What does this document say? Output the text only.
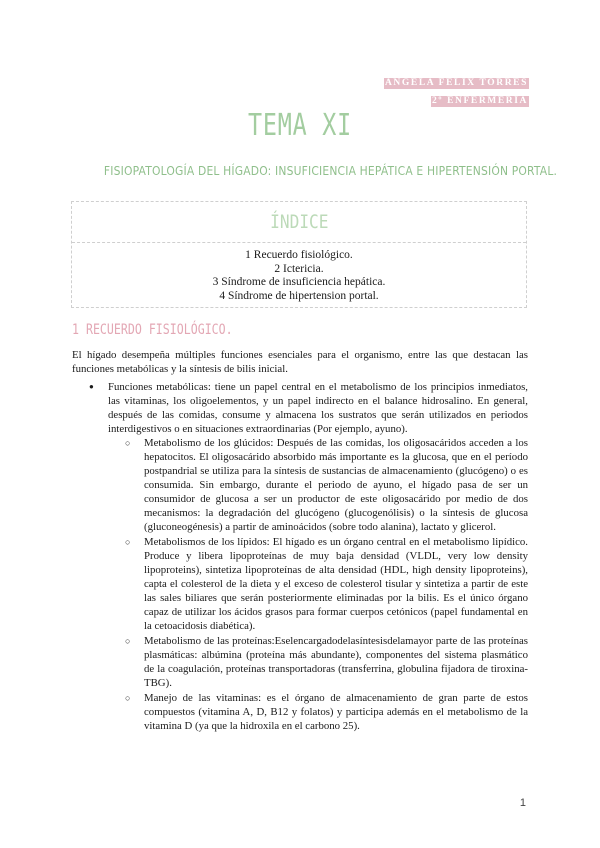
ANGELA FELIX TORRES
2º ENFERMERÍA
TEMA XI
FISIOPATOLOGÍA DEL HÍGADO: INSUFICIENCIA HEPÁTICA E HIPERTENSIÓN PORTAL.
ÍNDICE
1 Recuerdo fisiológico.
2 Ictericia.
3 Síndrome de insuficiencia hepática.
4 Síndrome de hipertension portal.
1 RECUERDO FISIOLÓGICO.

El hígado desempeña múltiples funciones esenciales para el organismo, entre las que destacan las funciones metabólicas y la síntesis de bilis inicial.

● Funciones metabólicas: tiene un papel central en el metabolismo de los principios inmediatos, las vitaminas, los oligoelementos, y un papel indirecto en el balance hidrosalino. En general, después de las comidas, consume y almacena los sustratos que serán utilizados en periodos interdigestivos o en situaciones extraordinarias (Por ejemplo, ayuno).
○ Metabolismo de los glúcidos: Después de las comidas, los oligosacáridos acceden a los hepatocitos. El oligosacárido absorbido más importante es la glucosa, que en el período postpandrial se utiliza para la síntesis de sustancias de almacenamiento (glucógeno) o es consumida. Sin embargo, durante el periodo de ayuno, el hígado pasa de ser un consumidor de glucosa a ser un productor de este oligosacárido por medio de dos mecanismos: la degradación del glucógeno (glucogenólisis) o la síntesis de glucosa (gluconeogénesis) a partir de aminoácidos (sobre todo alanina), lactato y glicerol.
○ Metabolismos de los lípidos: El hígado es un órgano central en el metabolismo lipídico. Produce y libera lipoproteínas de muy baja densidad (VLDL, very low density lipoproteins), sintetiza lipoproteínas de alta densidad (HDL, high density lipoproteins), capta el colesterol de la dieta y el exceso de colesterol tisular y sintetiza a partir de este las sales biliares que serán posteriormente eliminadas por la bilis. Es el único órgano capaz de utilizar los ácidos grasos para formar cuerpos cetónicos (papel fundamental en la cetoacidosis diabética).
○ Metabolismo de las proteínas:Eselencargadodelasíntesisdelamayor parte de las proteínas plasmáticas: albúmina (proteína más abundante), componentes del sistema plasmático de la coagulación, proteínas transportadoras (transferrina, globulina fijadora de tiroxina-TBG).
○ Manejo de las vitaminas: es el órgano de almacenamiento de gran parte de estos compuestos (vitamina A, D, B12 y folatos) y participa además en el metabolismo de la vitamina D (ya que la hidroxila en el carbono 25).
1
